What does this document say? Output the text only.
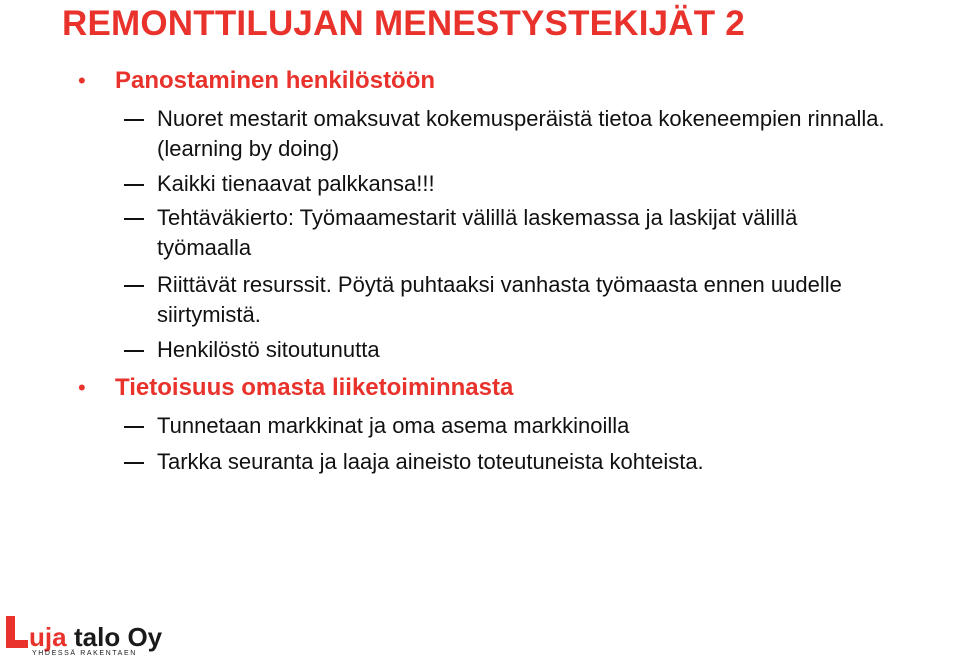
REMONTTILUJAN MENESTYSTEKIJÄT 2
• Panostaminen henkilöstöön
Nuoret mestarit omaksuvat kokemusperäistä tietoa kokeneempien rinnalla. (learning by doing)
Kaikki tienaavat palkkansa!!!
Tehtäväkierto: Työmaamestarit välillä laskemassa ja laskijat välillä työmaalla
Riittävät resurssit. Pöytä puhtaaksi vanhasta työmaasta ennen uudelle siirtymistä.
Henkilöstö sitoutunutta
• Tietoisuus omasta liiketoiminnasta
Tunnetaan markkinat ja oma asema markkinoilla
Tarkka seuranta ja laaja aineisto toteutuneista kohteista.
uja talo Oy
YHDESSÄ RAKENTAEN
